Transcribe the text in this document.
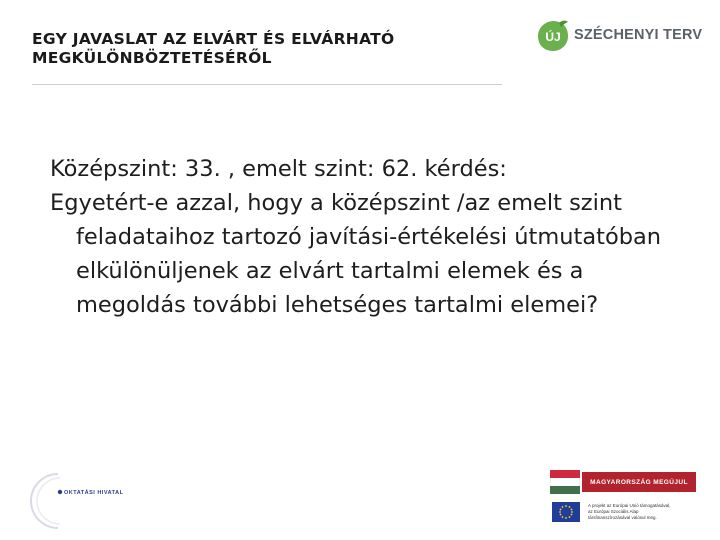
EGY JAVASLAT AZ ELVÁRT ÉS ELVÁRHATÓ
MEGKÜLÖNBÖZTETÉSÉRŐL
ÚJ SZÉCHENYI TERV

Középszint: 33. , emelt szint: 62. kérdés:

Egyetért-e azzal, hogy a középszint /az emelt szint feladataihoz tartozó javítási-értékelési útmutatóban elkülönüljenek az elvárt tartalmi elemek és a megoldás további lehetséges tartalmi elemei?

OKTATÁSI HIVATAL
MAGYARORSZÁG MEGÚJUL
A projekt az Európai Unió támogatásával,
az Európai Szociális Alap
társfinanszírozásával valósul meg.
